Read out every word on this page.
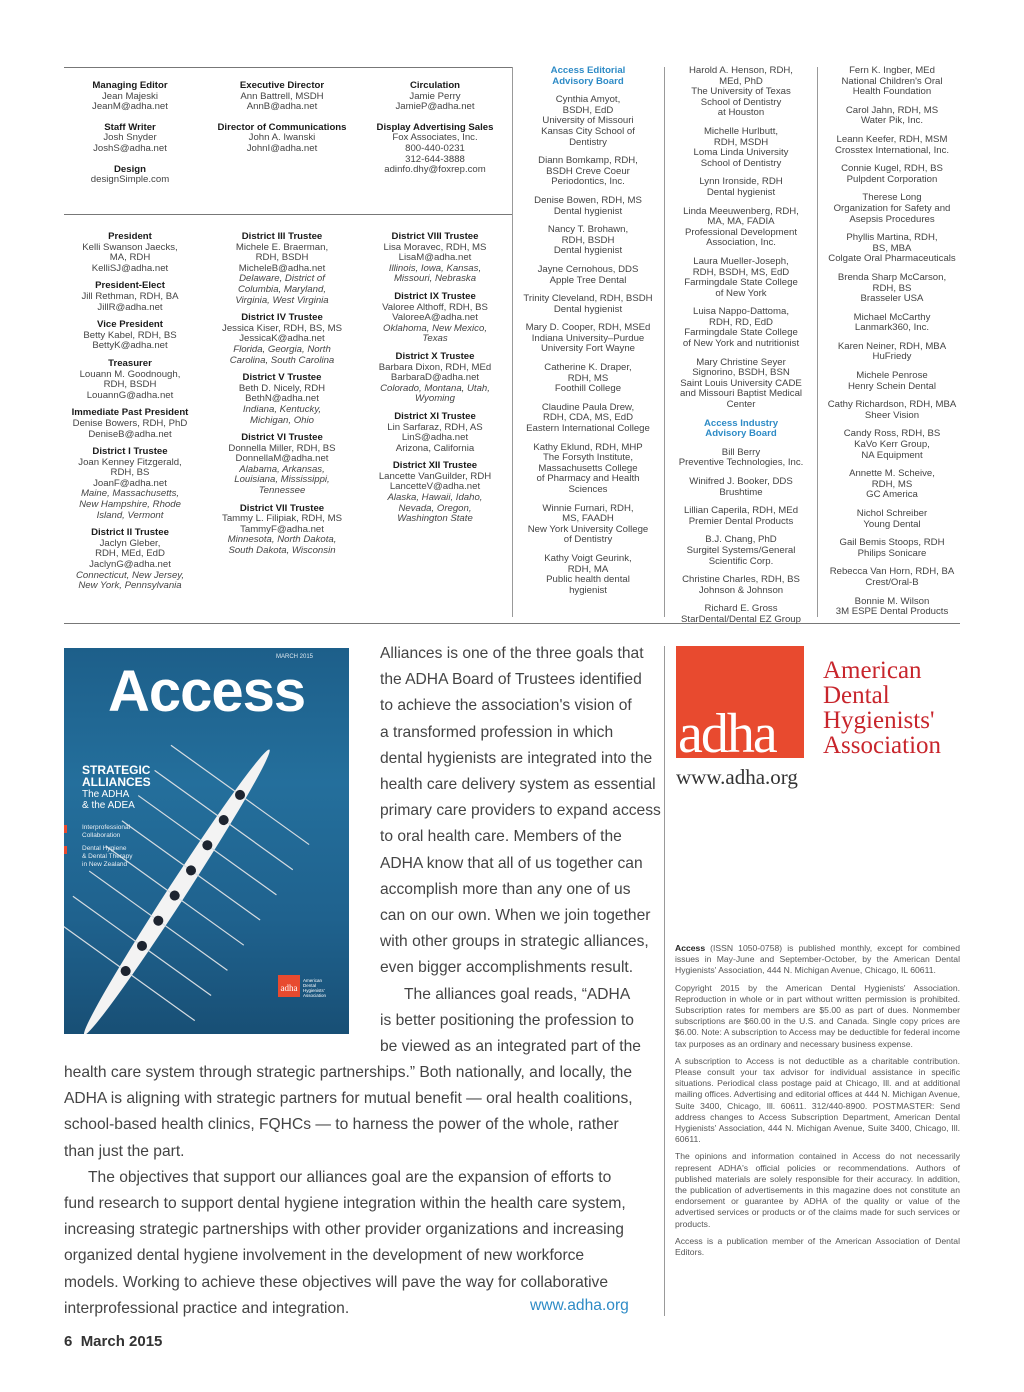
Managing Editor
Jean Majeski
JeanM@adha.net
Staff Writer
Josh Snyder
JoshS@adha.net
Design
designSimple.com
Executive Director
Ann Battrell, MSDH
AnnB@adha.net
Director of Communications
John A. Iwanski
JohnI@adha.net
Circulation
Jamie Perry
JamieP@adha.net
Display Advertising Sales
Fox Associates, Inc.
800-440-0231
312-644-3888
adinfo.dhy@foxrep.com
President
Kelli Swanson Jaecks,
MA, RDH
KelliSJ@adha.net
President-Elect
Jill Rethman, RDH, BA
JillR@adha.net
Vice President
Betty Kabel, RDH, BS
BettyK@adha.net
Treasurer
Louann M. Goodnough,
RDH, BSDH
LouannG@adha.net
Immediate Past President
Denise Bowers, RDH, PhD
DeniseB@adha.net
District I Trustee
Joan Kenney Fitzgerald,
RDH, BS
JoanF@adha.net
Maine, Massachusetts,
New Hampshire, Rhode
Island, Vermont
District II Trustee
Jaclyn Gleber,
RDH, MEd, EdD
JaclynG@adha.net
Connecticut, New Jersey,
New York, Pennsylvania
District III Trustee
Michele E. Braerman,
RDH, BSDH
MicheleB@adha.net
Delaware, District of
Columbia, Maryland,
Virginia, West Virginia
District IV Trustee
Jessica Kiser, RDH, BS, MS
JessicaK@adha.net
Florida, Georgia, North
Carolina, South Carolina
District V Trustee
Beth D. Nicely, RDH
BethN@adha.net
Indiana, Kentucky,
Michigan, Ohio
District VI Trustee
Donnella Miller, RDH, BS
DonnellaM@adha.net
Alabama, Arkansas,
Louisiana, Mississippi,
Tennessee
District VII Trustee
Tammy L. Filipiak, RDH, MS
TammyF@adha.net
Minnesota, North Dakota,
South Dakota, Wisconsin
District VIII Trustee
Lisa Moravec, RDH, MS
LisaM@adha.net
Illinois, Iowa, Kansas,
Missouri, Nebraska
District IX Trustee
Valoree Althoff, RDH, BS
ValoreeA@adha.net
Oklahoma, New Mexico,
Texas
District X Trustee
Barbara Dixon, RDH, MEd
BarbaraD@adha.net
Colorado, Montana, Utah,
Wyoming
District XI Trustee
Lin Sarfaraz, RDH, AS
LinS@adha.net
Arizona, California
District XII Trustee
Lancette VanGuilder, RDH
LancetteV@adha.net
Alaska, Hawaii, Idaho,
Nevada, Oregon,
Washington State
Access Editorial
Advisory Board
Cynthia Amyot,
BSDH, EdD
University of Missouri
Kansas City School of
Dentistry
Diann Bomkamp, RDH,
BSDH Creve Coeur
Periodontics, Inc.
Denise Bowen, RDH, MS
Dental hygienist
Nancy T. Brohawn,
RDH, BSDH
Dental hygienist
Jayne Cernohous, DDS
Apple Tree Dental
Trinity Cleveland, RDH, BSDH
Dental hygienist
Mary D. Cooper, RDH, MSEd
Indiana University–Purdue
University Fort Wayne
Catherine K. Draper,
RDH, MS
Foothill College
Claudine Paula Drew,
RDH, CDA, MS, EdD
Eastern International College
Kathy Eklund, RDH, MHP
The Forsyth Institute,
Massachusetts College
of Pharmacy and Health
Sciences
Winnie Furnari, RDH,
MS, FAADH
New York University College
of Dentistry
Kathy Voigt Geurink,
RDH, MA
Public health dental
hygienist
Harold A. Henson, RDH,
MEd, PhD
The University of Texas
School of Dentistry
at Houston
Michelle Hurlbutt,
RDH, MSDH
Loma Linda University
School of Dentistry
Lynn Ironside, RDH
Dental hygienist
Linda Meeuwenberg, RDH,
MA, MA, FADIA
Professional Development
Association, Inc.
Laura Mueller-Joseph,
RDH, BSDH, MS, EdD
Farmingdale State College
of New York
Luisa Nappo-Dattoma,
RDH, RD, EdD
Farmingdale State College
of New York and nutritionist
Mary Christine Seyer
Signorino, BSDH, BSN
Saint Louis University CADE
and Missouri Baptist Medical
Center
Access Industry
Advisory Board
Bill Berry
Preventive Technologies, Inc.
Winifred J. Booker, DDS
Brushtime
Lillian Caperila, RDH, MEd
Premier Dental Products
B.J. Chang, PhD
Surgitel Systems/General
Scientific Corp.
Christine Charles, RDH, BS
Johnson & Johnson
Richard E. Gross
StarDental/Dental EZ Group
Fern K. Ingber, MEd
National Children's Oral
Health Foundation
Carol Jahn, RDH, MS
Water Pik, Inc.
Leann Keefer, RDH, MSM
Crosstex International, Inc.
Connie Kugel, RDH, BS
Pulpdent Corporation
Therese Long
Organization for Safety and
Asepsis Procedures
Phyllis Martina, RDH,
BS, MBA
Colgate Oral Pharmaceuticals
Brenda Sharp McCarson,
RDH, BS
Brasseler USA
Michael McCarthy
Lanmark360, Inc.
Karen Neiner, RDH, MBA
HuFriedy
Michele Penrose
Henry Schein Dental
Cathy Richardson, RDH, MBA
Sheer Vision
Candy Ross, RDH, BS
KaVo Kerr Group,
NA Equipment
Annette M. Scheive,
RDH, MS
GC America
Nichol Schreiber
Young Dental
Gail Bemis Stoops, RDH
Philips Sonicare
Rebecca Van Horn, RDH, BA
Crest/Oral-B
Bonnie M. Wilson
3M ESPE Dental Products
Access
MARCH 2015
STRATEGIC
ALLIANCES
The ADHA
& the ADEA
Interprofessional
Collaboration
Dental Hygiene
& Dental Therapy
in New Zealand
adha
American
Dental
Hygienists'
Association
Alliances is one of the three goals that
the ADHA Board of Trustees identified
to achieve the association's vision of
a transformed profession in which
dental hygienists are integrated into the
health care delivery system as essential
primary care providers to expand access
to oral health care. Members of the
ADHA know that all of us together can
accomplish more than any one of us
can on our own. When we join together
with other groups in strategic alliances,
even bigger accomplishments result.
The alliances goal reads, “ADHA
is better positioning the profession to
be viewed as an integrated part of the
health care system through strategic partnerships.” Both nationally, and locally, the
ADHA is aligning with strategic partners for mutual benefit — oral health coalitions,
school-based health clinics, FQHCs — to harness the power of the whole, rather
than just the part.
The objectives that support our alliances goal are the expansion of efforts to
fund research to support dental hygiene integration within the health care system,
increasing strategic partnerships with other provider organizations and increasing
organized dental hygiene involvement in the development of new workforce
models. Working to achieve these objectives will pave the way for collaborative
interprofessional practice and integration.	www.adha.org
adha
American
Dental
Hygienists'
Association
www.adha.org

Access (ISSN 1050-0758) is published monthly, except for combined issues in May-June and September-October, by the American Dental Hygienists' Association, 444 N. Michigan Avenue, Chicago, IL 60611.

Copyright 2015 by the American Dental Hygienists' Association. Reproduction in whole or in part without written permission is prohibited. Subscription rates for members are $5.00 as part of dues. Nonmember subscriptions are $60.00 in the U.S. and Canada. Single copy prices are $6.00. Note: A subscription to Access may be deductible for federal income tax purposes as an ordinary and necessary business expense.

A subscription to Access is not deductible as a charitable contribution. Please consult your tax advisor for individual assistance in specific situations. Periodical class postage paid at Chicago, Ill. and at additional mailing offices. Advertising and editorial offices at 444 N. Michigan Avenue, Suite 3400, Chicago, Ill. 60611. 312/440-8900. POSTMASTER: Send address changes to Access Subscription Department, American Dental Hygienists' Association, 444 N. Michigan Avenue, Suite 3400, Chicago, Ill. 60611.

The opinions and information contained in Access do not necessarily represent ADHA's official policies or recommendations. Authors of published materials are solely responsible for their accuracy. In addition, the publication of advertisements in this magazine does not constitute an endorsement or guarantee by ADHA of the quality or value of the advertised services or products or of the claims made for such services or products.

Access is a publication member of the American Association of Dental Editors.

6 March 2015
